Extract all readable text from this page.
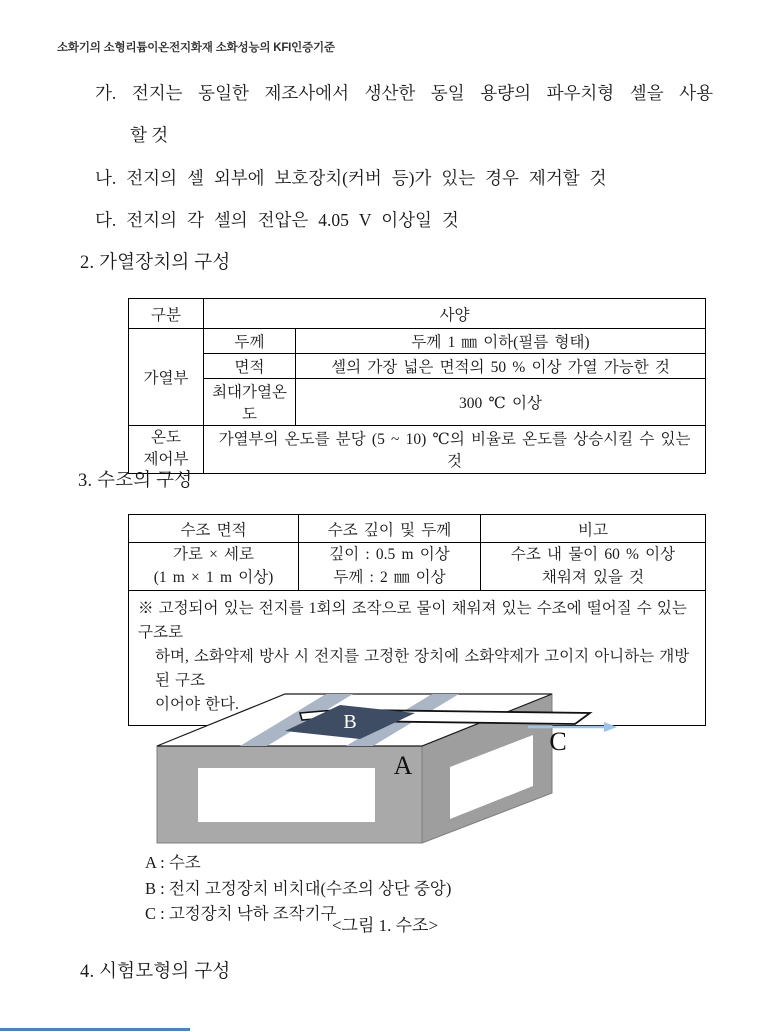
소화기의 소형리튬이온전지화재 소화성능의 KFI인증기준
가. 전지는 동일한 제조사에서 생산한 동일 용량의 파우치형 셀을 사용
할 것
나. 전지의 셀 외부에 보호장치(커버 등)가 있는 경우 제거할 것
다. 전지의 각 셀의 전압은 4.05 V 이상일 것
2. 가열장치의 구성
구분	사양	
가열부	두께	두께 1 ㎜ 이하(필름 형태)
	면적	셀의 가장 넓은 면적의 50 % 이상 가열 가능한 것
	최대가열온도	300 ℃ 이상

온도
제어부	가열부의 온도를 분당 (5 ~ 10) ℃의 비율로 온도를 상승시킬 수 있는 것	
3. 수조의 구성
수조 면적	수조 깊이 및 두께	비고

가로 × 세로
(1 m × 1 m 이상)	깊이 : 0.5 m 이상
두께 : 2 ㎜ 이상	수조 내 물이 60 % 이상
채워져 있을 것

※ 고정되어 있는 전지를 1회의 조작으로 물이 채워져 있는 수조에 떨어질 수 있는 구조로
하며, 소화약제 방사 시 전지를 고정한 장치에 소화약제가 고이지 아니하는 개방된 구조
이어야 한다.		
B
A
C
A : 수조
B : 전지 고정장치 비치대(수조의 상단 중앙)
C : 고정장치 낙하 조작기구
<그림 1. 수조>
4. 시험모형의 구성
